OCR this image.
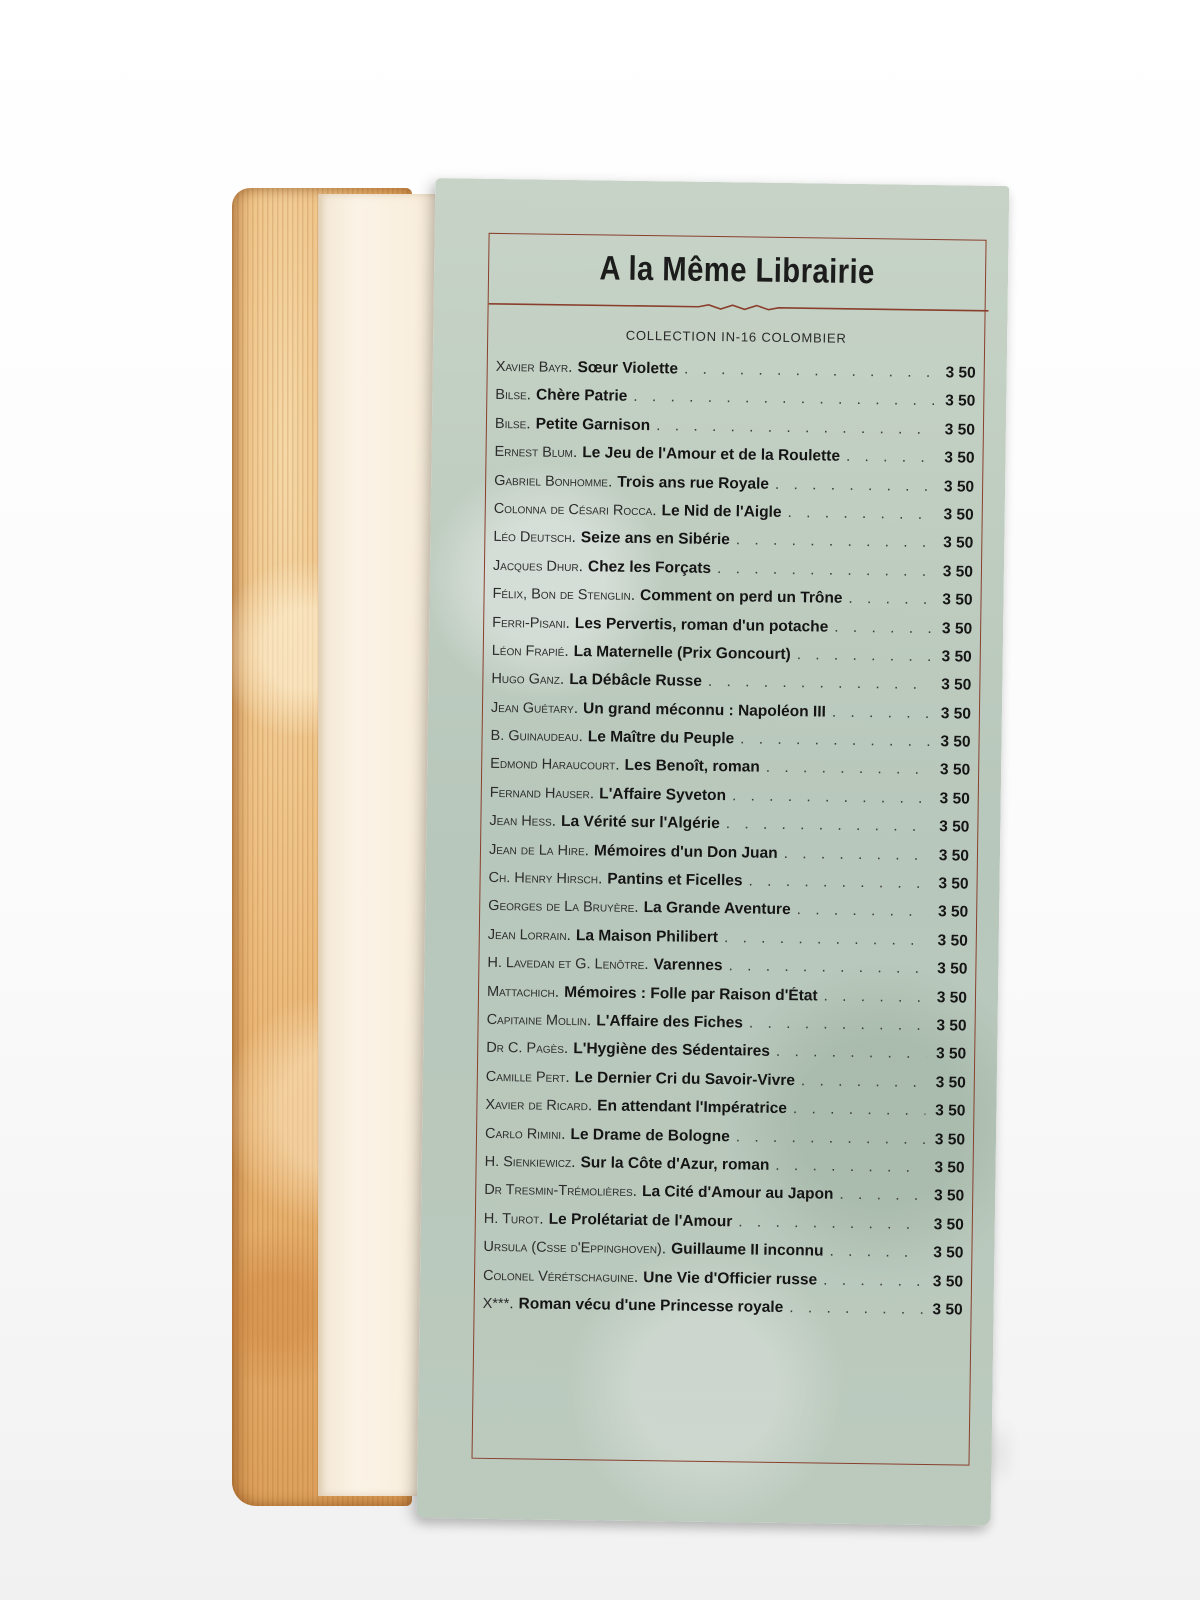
A la Même Librairie
COLLECTION IN-16 COLOMBIER
Xavier Bayr . Sœur Violette . . .	3 50
Bilse . Chère Patrie . . .	3 50
Bilse . Petite Garnison . . .	3 50
Ernest Blum . Le Jeu de l'Amour et de la Roulette . . .	3 50
Gabriel Bonhomme . Trois ans rue Royale . . .	3 50
Colonna de Césari Rocca . Le Nid de l'Aigle . . .	3 50
Léo Deutsch . Seize ans en Sibérie . . .	3 50
Jacques Dhur . Chez les Forçats . . .	3 50
Félix, Bon de Stenglin . Comment on perd un Trône . . .	3 50
Ferri-Pisani . Les Pervertis, roman d'un potache . . .	3 50
Léon Frapié . La Maternelle (Prix Goncourt) . . .	3 50
Hugo Ganz . La Débâcle Russe . . .	3 50
Jean Guétary . Un grand méconnu : Napoléon III . . .	3 50
B. Guinaudeau . Le Maître du Peuple . . .	3 50
Edmond Haraucourt . Les Benoît, roman . . .	3 50
Fernand Hauser . L'Affaire Syveton . . .	3 50
Jean Hess . La Vérité sur l'Algérie . . .	3 50
Jean de La Hire . Mémoires d'un Don Juan . . .	3 50
Ch. Henry Hirsch . Pantins et Ficelles . . .	3 50
Georges de La Bruyère . La Grande Aventure . . .	3 50
Jean Lorrain . La Maison Philibert . . .	3 50
H. Lavedan et G. Lenôtre . Varennes . . .	3 50
Mattachich . Mémoires : Folle par Raison d'État . . .	3 50
Capitaine Mollin . L'Affaire des Fiches . . .	3 50
Dr C. Pagès . L'Hygiène des Sédentaires . . .	3 50
Camille Pert . Le Dernier Cri du Savoir-Vivre . . .	3 50
Xavier de Ricard . En attendant l'Impératrice . . .	3 50
Carlo Rimini . Le Drame de Bologne . . .	3 50
H. Sienkiewicz . Sur la Côte d'Azur, roman . . .	3 50
Dr Tresmin-Trémolières . La Cité d'Amour au Japon . . .	3 50
H. Turot . Le Prolétariat de l'Amour . . .	3 50
Ursula (Csse d'Eppinghoven) . Guillaume II inconnu . . .	3 50
Colonel Vérétschaguine . Une Vie d'Officier russe . . .	3 50
X*** . Roman vécu d'une Princesse royale . . .	3 50
